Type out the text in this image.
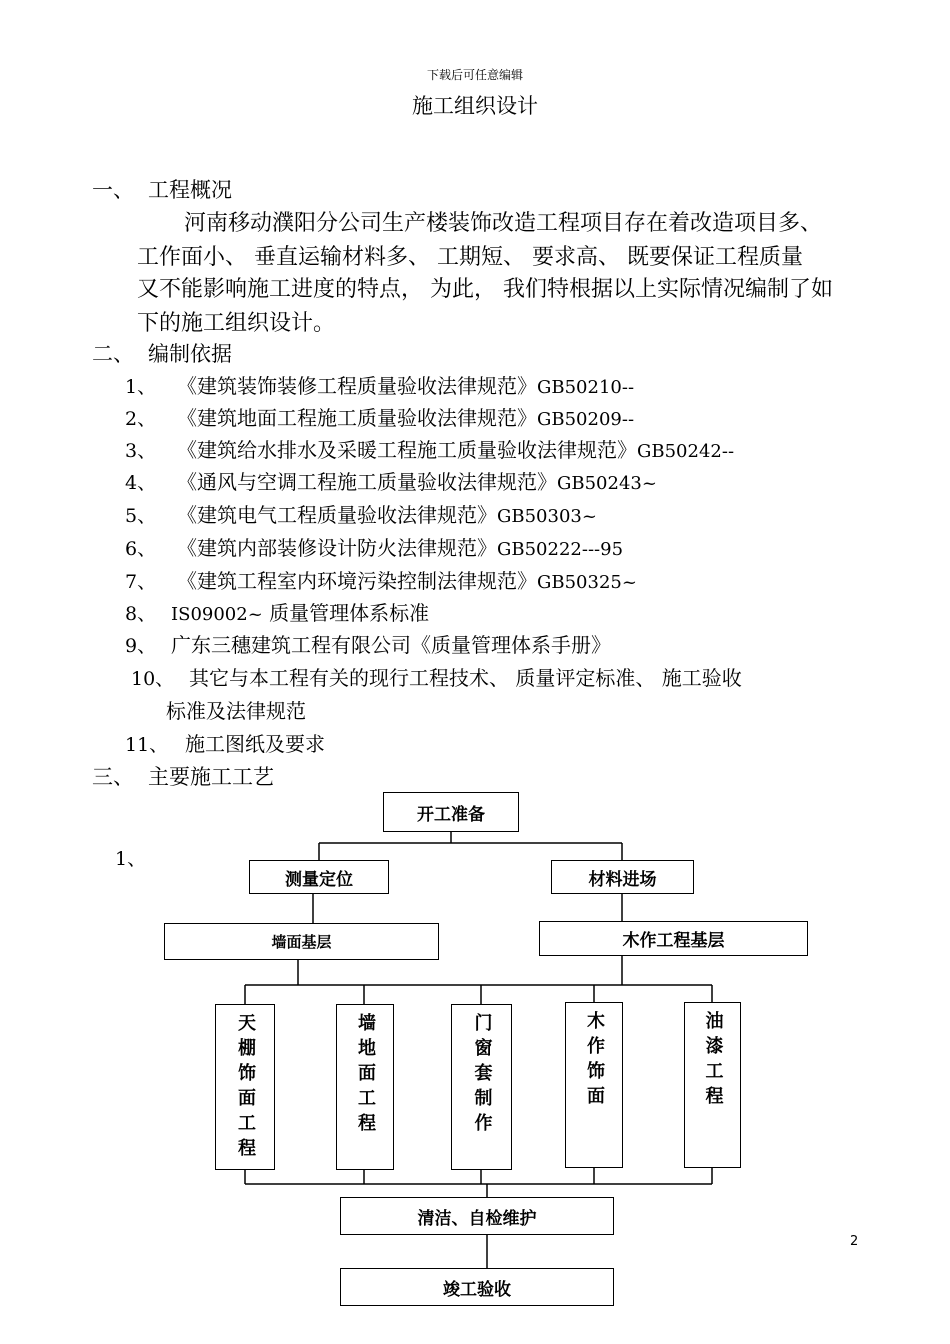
下载后可任意编辑
施工组织设计
一、 工程概况
河南移动濮阳分公司生产楼装饰改造工程项目存在着改造项目多、
工作面小、 垂直运输材料多、 工期短、 要求高、 既要保证工程质量
又不能影响施工进度的特点， 为此， 我们特根据以上实际情况编制了如
下的施工组织设计。
二、 编制依据
1、 《建筑装饰装修工程质量验收法律规范》GB50210--
2、 《建筑地面工程施工质量验收法律规范》GB50209--
3、 《建筑给水排水及采暖工程施工质量验收法律规范》GB50242--
4、 《通风与空调工程施工质量验收法律规范》GB50243~
5、 《建筑电气工程质量验收法律规范》GB50303~
6、 《建筑内部装修设计防火法律规范》GB50222---95
7、 《建筑工程室内环境污染控制法律规范》GB50325~
8、 IS09002~ 质量管理体系标准
9、 广东三穗建筑工程有限公司《质量管理体系手册》
10、 其它与本工程有关的现行工程技术、 质量评定标准、 施工验收
标准及法律规范
11、 施工图纸及要求
三、 主要施工工艺
1、
开工准备
测量定位	材料进场
墙面基层	木作工程基层
天棚饰面工程	墙地面工程	门窗套制作	木作饰面	油漆工程
清洁、自检维护
竣工验收
2
